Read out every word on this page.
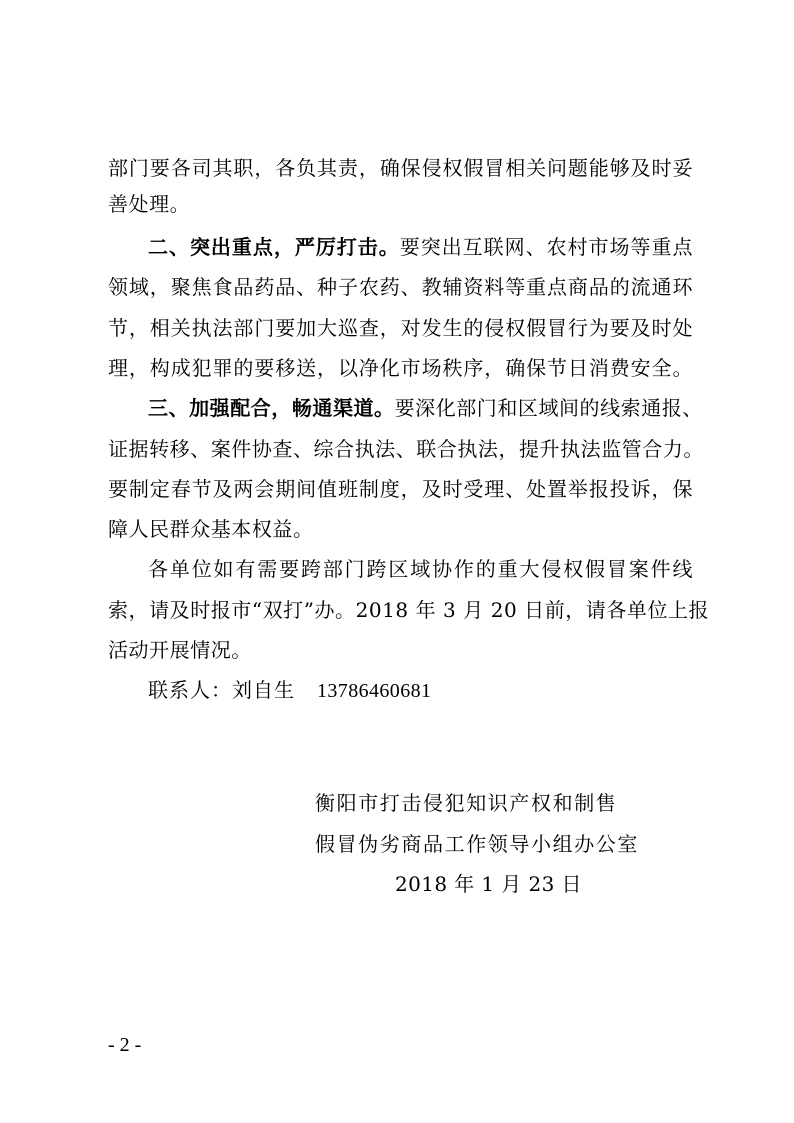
部门要各司其职，各负其责，确保侵权假冒相关问题能够及时妥
善处理。
二、突出重点，严厉打击。要突出互联网、农村市场等重点
领域，聚焦食品药品、种子农药、教辅资料等重点商品的流通环
节，相关执法部门要加大巡查，对发生的侵权假冒行为要及时处
理，构成犯罪的要移送，以净化市场秩序，确保节日消费安全。
三、加强配合，畅通渠道。要深化部门和区域间的线索通报、
证据转移、案件协查、综合执法、联合执法，提升执法监管合力。
要制定春节及两会期间值班制度，及时受理、处置举报投诉，保
障人民群众基本权益。
各单位如有需要跨部门跨区域协作的重大侵权假冒案件线
索，请及时报市“双打”办。2018 年 3 月 20 日前，请各单位上报
活动开展情况。
联系人：刘自生 13786460681
衡阳市打击侵犯知识产权和制售
假冒伪劣商品工作领导小组办公室
2018 年 1 月 23 日
- 2 -
